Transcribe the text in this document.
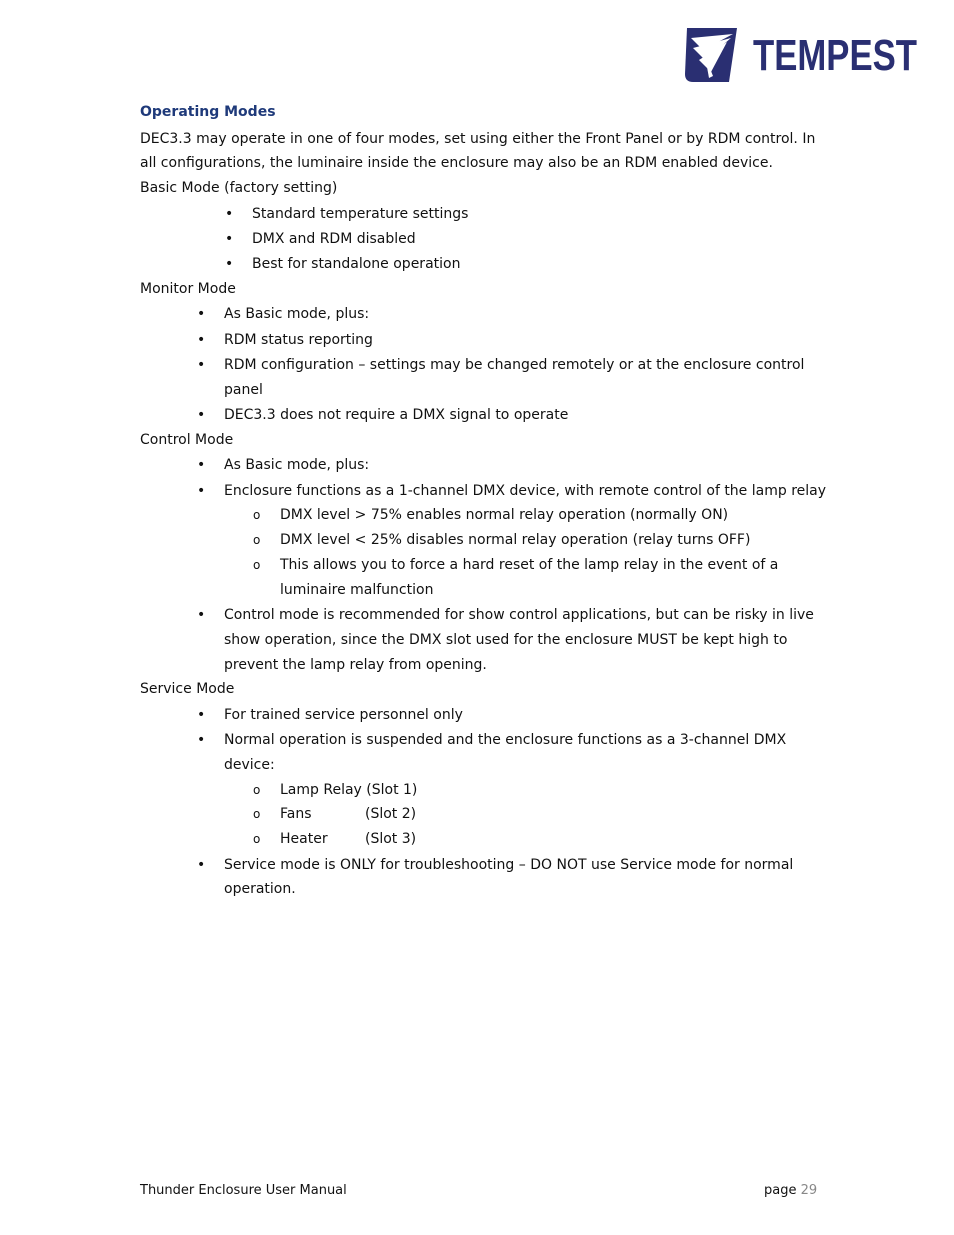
TEMPEST
Operating Modes
DEC3.3 may operate in one of four modes, set using either the Front Panel or by RDM control. In
all configurations, the luminaire inside the enclosure may also be an RDM enabled device.
Basic Mode (factory setting)
• Standard temperature settings
• DMX and RDM disabled
• Best for standalone operation
Monitor Mode
• As Basic mode, plus:
• RDM status reporting
• RDM configuration – settings may be changed remotely or at the enclosure control
panel
• DEC3.3 does not require a DMX signal to operate
Control Mode
• As Basic mode, plus:
• Enclosure functions as a 1-channel DMX device, with remote control of the lamp relay
o DMX level > 75% enables normal relay operation (normally ON)
o DMX level < 25% disables normal relay operation (relay turns OFF)
o This allows you to force a hard reset of the lamp relay in the event of a
luminaire malfunction
• Control mode is recommended for show control applications, but can be risky in live
show operation, since the DMX slot used for the enclosure MUST be kept high to
prevent the lamp relay from opening.
Service Mode
• For trained service personnel only
• Normal operation is suspended and the enclosure functions as a 3-channel DMX
device:
o Lamp Relay (Slot 1)
o Fans	(Slot 2)
o Heater	(Slot 3)
• Service mode is ONLY for troubleshooting – DO NOT use Service mode for normal
operation.
Thunder Enclosure User Manual	page 29
